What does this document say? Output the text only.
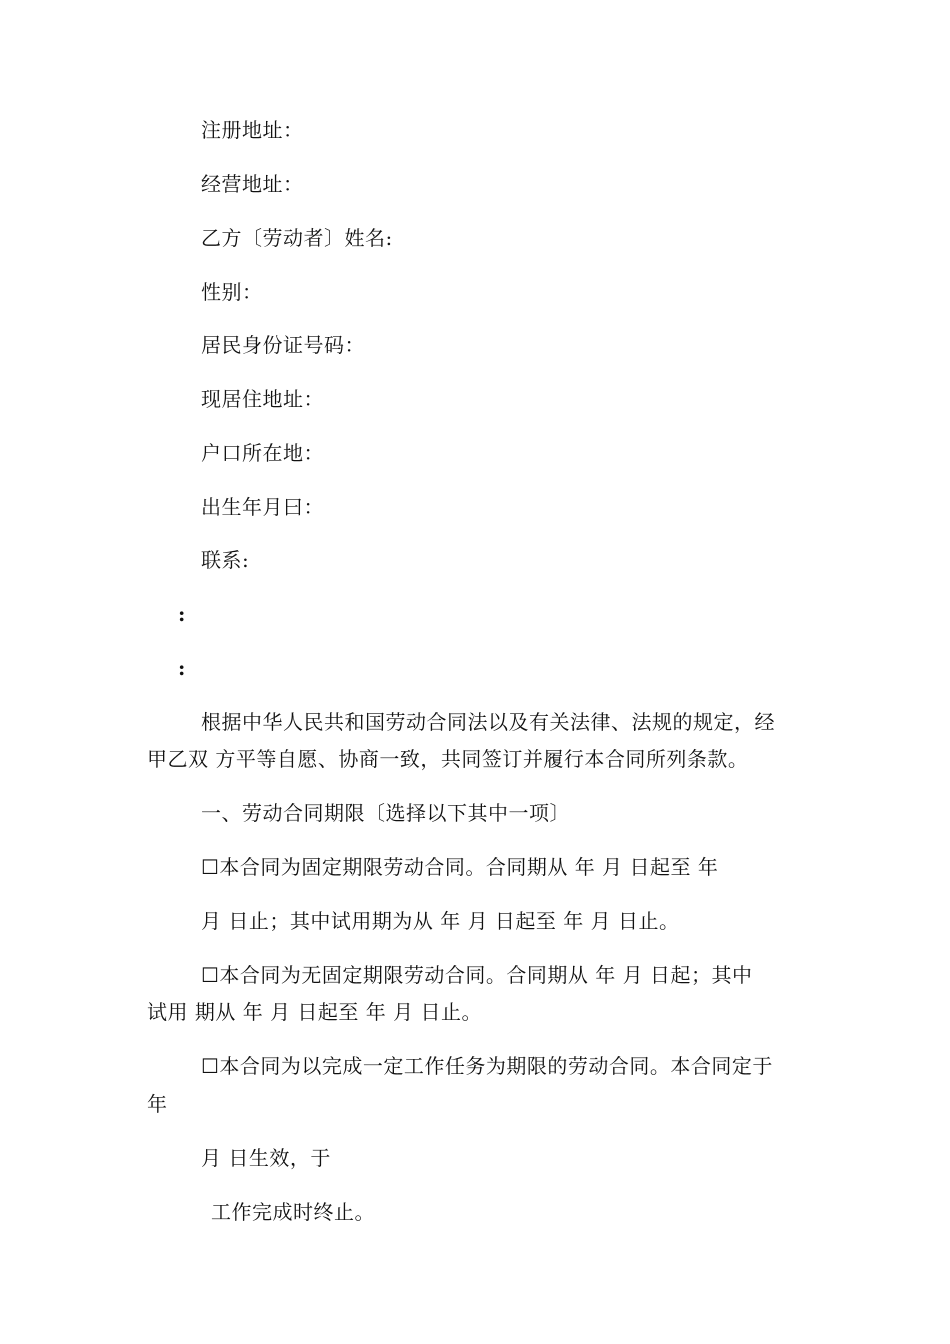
注册地址：
经营地址：
乙方〔劳动者〕姓名:
性别：
居民身份证号码：
现居住地址：
户口所在地：
出生年月曰：
联系:
:
:
根据中华人民共和国劳动合同法以及有关法律、法规的规定，经
甲乙双 方平等自愿、协商一致，共同签订并履行本合同所列条款。
一、劳动合同期限〔选择以下其中一项〕
☐本合同为固定期限劳动合同。合同期从 年 月 日起至 年
月 日止；其中试用期为从 年 月 日起至 年 月 日止。
☐本合同为无固定期限劳动合同。合同期从 年 月 日起；其中
试用 期从 年 月 日起至 年 月 日止。
☐本合同为以完成一定工作任务为期限的劳动合同。本合同定于
年
月 日生效，于
工作完成时终止。
